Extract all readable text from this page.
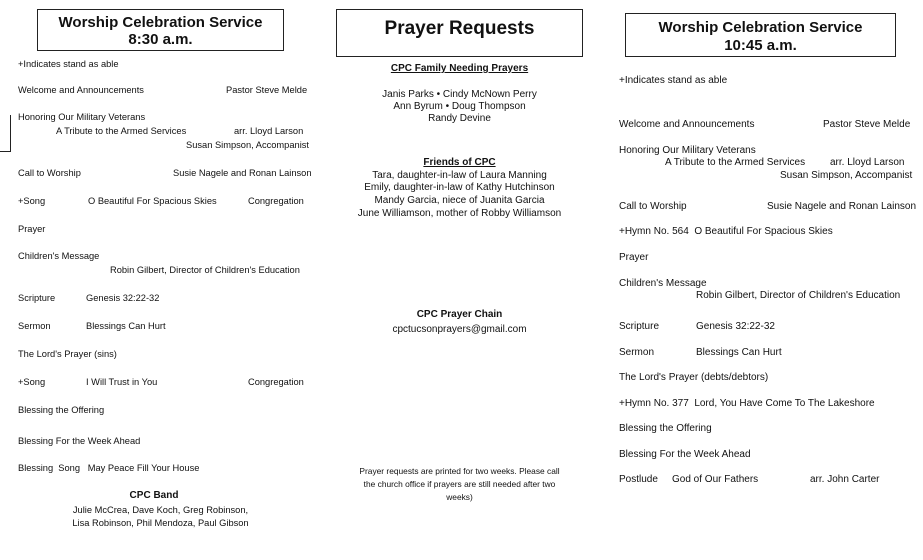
Worship Celebration Service
8:30 a.m.
+Indicates stand as able
Welcome and Announcements	Pastor Steve Melde
Honoring Our Military Veterans
A Tribute to the Armed Services	arr. Lloyd Larson
Susan Simpson, Accompanist
Call to Worship	Susie Nagele and Ronan Lainson
+Song	O Beautiful For Spacious Skies	Congregation
Prayer
Children's Message
Robin Gilbert, Director of Children's Education
Scripture	Genesis 32:22-32
Sermon	Blessings Can Hurt
The Lord's Prayer (sins)
+Song	I Will Trust in You	Congregation
Blessing the Offering
Blessing For the Week Ahead
Blessing  Song   May Peace Fill Your House
CPC Band
Julie McCrea, Dave Koch, Greg Robinson,
Lisa Robinson, Phil Mendoza, Paul Gibson
Prayer Requests
CPC Family Needing Prayers
Janis Parks • Cindy McNown Perry
Ann Byrum • Doug Thompson
Randy Devine
Friends of CPC
Tara, daughter-in-law of Laura Manning
Emily, daughter-in-law of Kathy Hutchinson
Mandy Garcia, niece of Juanita Garcia
June Williamson, mother of Robby Williamson
CPC Prayer Chain
cpctucsonprayers@gmail.com
Prayer requests are printed for two weeks. Please call
the church office if prayers are still needed after two
weeks)
Worship Celebration Service
10:45 a.m.
+Indicates stand as able
Welcome and Announcements	Pastor Steve Melde
Honoring Our Military Veterans
A Tribute to the Armed Services arr. Lloyd Larson
Susan Simpson, Accompanist
Call to Worship	Susie Nagele and Ronan Lainson
+Hymn No. 564  O Beautiful For Spacious Skies
Prayer
Children's Message
Robin Gilbert, Director of Children's Education
Scripture	Genesis 32:22-32
Sermon	Blessings Can Hurt
The Lord's Prayer (debts/debtors)
+Hymn No. 377  Lord, You Have Come To The Lakeshore
Blessing the Offering
Blessing For the Week Ahead
Postlude God of Our Fathers	arr. John Carter
